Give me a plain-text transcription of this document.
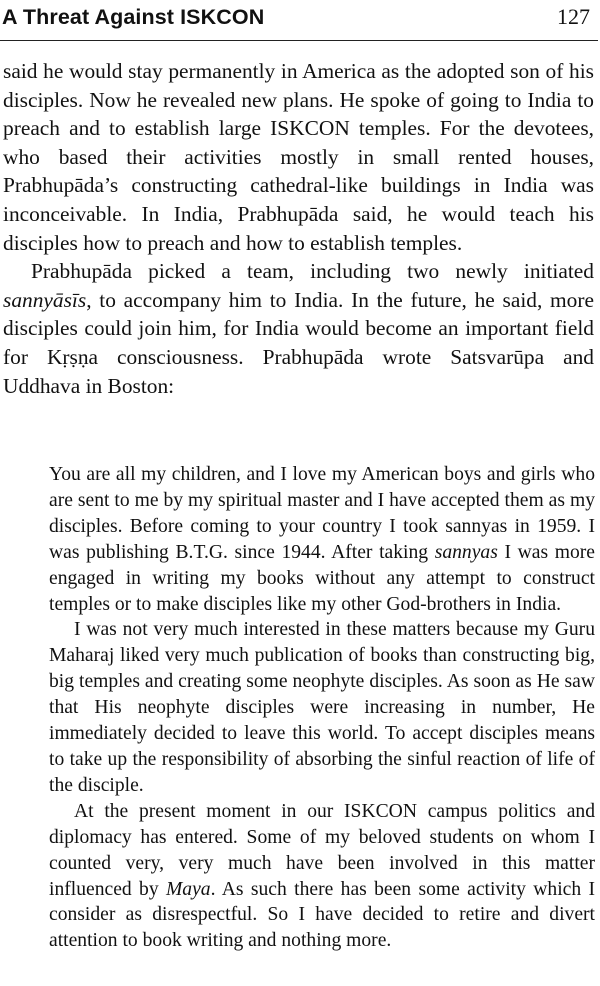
A Threat Against ISKCON	127

said he would stay permanently in America as the adopted son of his disciples. Now he revealed new plans. He spoke of going to India to preach and to establish large ISKCON temples. For the devotees, who based their activities mostly in small rented houses, Prabhupāda’s constructing cathedral-like buildings in India was inconceivable. In India, Prabhupāda said, he would teach his disciples how to preach and how to establish temples.

Prabhupāda picked a team, including two newly initiated sannyāsīs, to accompany him to India. In the future, he said, more disciples could join him, for India would become an important field for Kṛṣṇa consciousness. Prabhupāda wrote Satsvarūpa and Uddhava in Boston:

You are all my children, and I love my American boys and girls who are sent to me by my spiritual master and I have accepted them as my disciples. Before coming to your country I took sannyas in 1959. I was publishing B.T.G. since 1944. After taking sannyas I was more engaged in writing my books without any attempt to construct temples or to make disciples like my other God-brothers in India.

I was not very much interested in these matters because my Guru Maharaj liked very much publication of books than constructing big, big temples and creating some neophyte disciples. As soon as He saw that His neophyte disciples were increasing in number, He immediately decided to leave this world. To accept disciples means to take up the responsibility of absorbing the sinful reaction of life of the disciple.

At the present moment in our ISKCON campus politics and diplomacy has entered. Some of my beloved students on whom I counted very, very much have been involved in this matter influenced by Maya. As such there has been some activity which I consider as disrespectful. So I have decided to retire and divert attention to book writing and nothing more.
